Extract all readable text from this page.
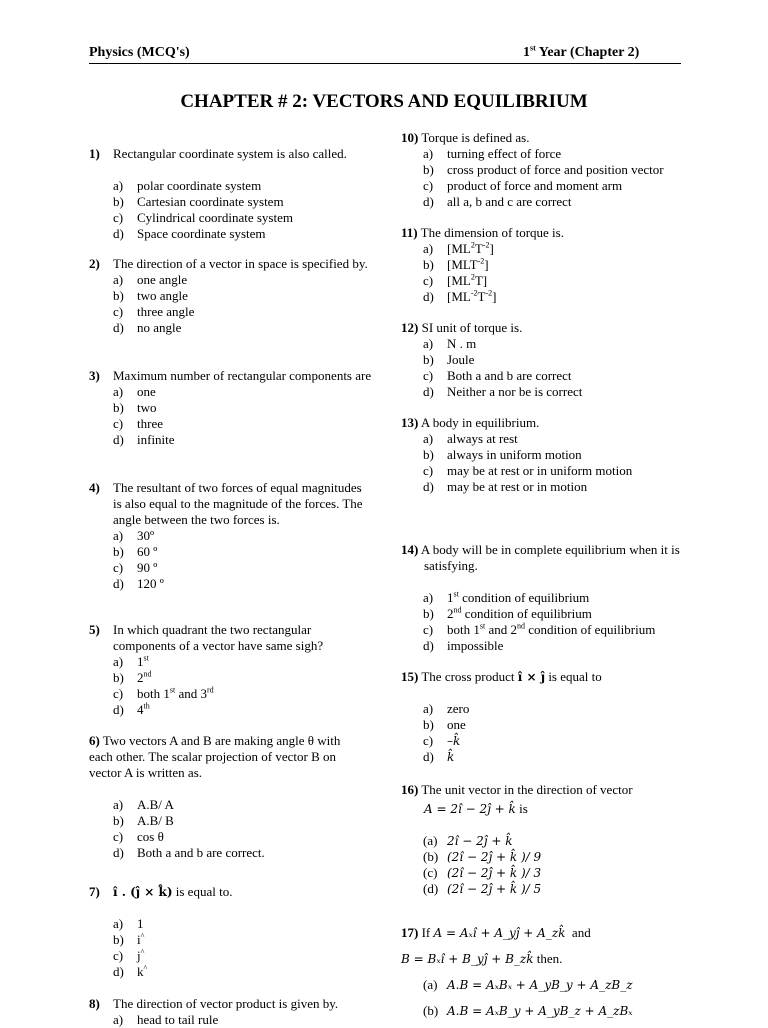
Physics (MCQ's)	1st Year (Chapter 2)
CHAPTER # 2: VECTORS AND EQUILIBRIUM
1) Rectangular coordinate system is also called.
a) polar coordinate system
b) Cartesian coordinate system
c) Cylindrical coordinate system
d) Space coordinate system
2) The direction of a vector in space is specified by.
a) one angle
b) two angle
c) three angle
d) no angle
3) Maximum number of rectangular components are
a) one
b) two
c) three
d) infinite
4) The resultant of two forces of equal magnitudes is also equal to the magnitude of the forces. The angle between the two forces is.
a) 30º
b) 60 º
c) 90 º
d) 120 º
5) In which quadrant the two rectangular components of a vector have same sigh?
a) 1st
b) 2nd
c) both 1st and 3rd
d) 4th
6) Two vectors A and B are making angle θ with each other. The scalar projection of vector B on vector A is written as.
a) A.B/ A
b) A.B/ B
c) cos θ
d) Both a and b are correct.
7) î . (ĵ × k̂) is equal to.
a) 1
b) i^
c) j^
d) k^
8) The direction of vector product is given by.
a) head to tail rule
10) Torque is defined as.
a) turning effect of force
b) cross product of force and position vector
c) product of force and moment arm
d) all a, b and c are correct
11) The dimension of torque is.
a) $[ML^2T^{-2}]$
b) $[MLT^{-2}]$
c) $[ML^2T]$
d) $[ML^{-2}T^{-2}]$
12) SI unit of torque is.
a) N . m
b) Joule
c) Both a and b are correct
d) Neither a nor be is correct
13) A body in equilibrium.
a) always at rest
b) always in uniform motion
c) may be at rest or in uniform motion
d) may be at rest or in motion
14) A body will be in complete equilibrium when it is satisfying.
a) 1st condition of equilibrium
b) 2nd condition of equilibrium
c) both 1st and 2nd condition of equilibrium
d) impossible
15) The cross product î × ĵ is equal to
a) zero
b) one
c) –k̂
d) k̂
16) The unit vector in the direction of vector
A = 2î − 2ĵ + k̂ is
(a) 2î − 2ĵ + k̂
(b) (2î − 2ĵ + k̂ )/ 9
(c) (2î − 2ĵ + k̂ )/ 3
(d) (2î − 2ĵ + k̂ )/ 5
17) If A = Aₓî + A_yĵ + A_zk̂ and
B = Bₓî + B_yĵ + B_zk̂ then.
(a) A.B = AₓBₓ + A_yB_y + A_zB_z
(b) A.B = AₓB_y + A_yB_z + A_zBₓ
